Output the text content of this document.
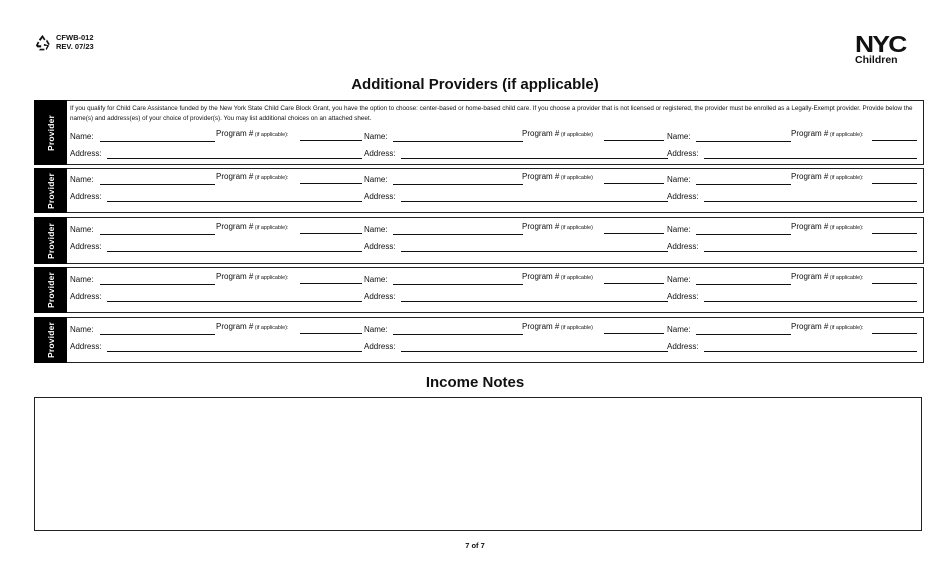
CFWB-012
REV. 07/23	NYC
Children
Additional Providers (if applicable)
Provider
If you qualify for Child Care Assistance funded by the New York State Child Care Block Grant, you have the option to choose: center-based or home-based child care. If you choose a provider that is not licensed or registered, the provider must be enrolled as a Legally-Exempt provider. Provide below the name(s) and address(es) of your choice of provider(s). You may list additional choices on an attached sheet.
Name:	Program # (if applicable):
Address:
Name:	Program # (if applicable)
Address:
Name:	Program # (if applicable):
Address:
Provider Name:	Program # (if applicable):
Address:
Name:	Program # (if applicable)
Address:
Name:	Program # (if applicable):
Address:
Provider Name:	Program # (if applicable):
Address:
Name:	Program # (if applicable)
Address:
Name:	Program # (if applicable):
Address:
Provider Name:	Program # (if applicable):
Address:
Name:	Program # (if applicable)
Address:
Name:	Program # (if applicable):
Address:
Provider Name:	Program # (if applicable):
Address:
Name:	Program # (if applicable)
Address:
Name:	Program # (if applicable):
Address:
Income Notes
7 of 7
